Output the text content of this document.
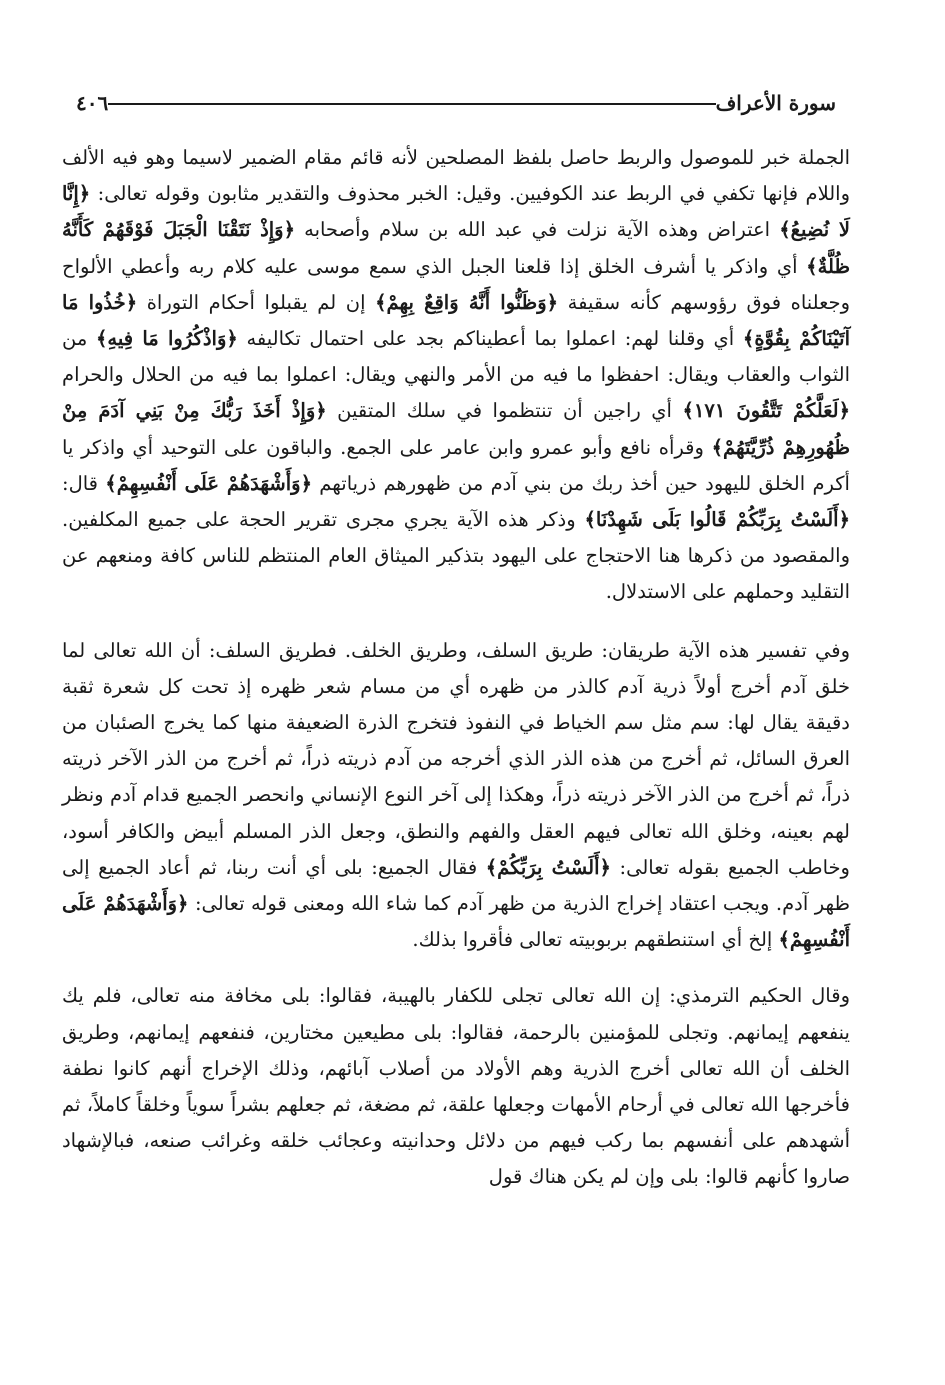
سورة الأعراف
٤٠٦

الجملة خبر للموصول والربط حاصل بلفظ المصلحين لأنه قائم مقام الضمير لاسيما وهو فيه الألف واللام فإنها تكفي في الربط عند الكوفيين. وقيل: الخبر محذوف والتقدير مثابون وقوله تعالى: ﴿إِنَّا لَا نُضِيعُ﴾ اعتراض وهذه الآية نزلت في عبد الله بن سلام وأصحابه ﴿وَإِذْ نَتَقْنَا الْجَبَلَ فَوْقَهُمْ كَأَنَّهُ ظُلَّةٌ﴾ أي واذكر يا أشرف الخلق إذا قلعنا الجبل الذي سمع موسى عليه كلام ربه وأعطي الألواح وجعلناه فوق رؤوسهم كأنه سقيفة ﴿وَظَنُّوا أَنَّهُ وَاقِعٌ بِهِمْ﴾ إن لم يقبلوا أحكام التوراة ﴿خُذُوا مَا آتَيْنَاكُمْ بِقُوَّةٍ﴾ أي وقلنا لهم: اعملوا بما أعطيناكم بجد على احتمال تكاليفه ﴿وَاذْكُرُوا مَا فِيهِ﴾ من الثواب والعقاب ويقال: احفظوا ما فيه من الأمر والنهي ويقال: اعملوا بما فيه من الحلال والحرام ﴿لَعَلَّكُمْ تَتَّقُونَ ١٧١﴾ أي راجين أن تنتظموا في سلك المتقين ﴿وَإِذْ أَخَذَ رَبُّكَ مِنْ بَنِي آدَمَ مِنْ ظُهُورِهِمْ ذُرِّيَّتَهُمْ﴾ وقرأه نافع وأبو عمرو وابن عامر على الجمع. والباقون على التوحيد أي واذكر يا أكرم الخلق لليهود حين أخذ ربك من بني آدم من ظهورهم ذرياتهم ﴿وَأَشْهَدَهُمْ عَلَى أَنْفُسِهِمْ﴾ قال: ﴿أَلَسْتُ بِرَبِّكُمْ قَالُوا بَلَى شَهِدْنَا﴾ وذكر هذه الآية يجري مجرى تقرير الحجة على جميع المكلفين. والمقصود من ذكرها هنا الاحتجاج على اليهود بتذكير الميثاق العام المنتظم للناس كافة ومنعهم عن التقليد وحملهم على الاستدلال.

وفي تفسير هذه الآية طريقان: طريق السلف، وطريق الخلف. فطريق السلف: أن الله تعالى لما خلق آدم أخرج أولاً ذرية آدم كالذر من ظهره أي من مسام شعر ظهره إذ تحت كل شعرة ثقبة دقيقة يقال لها: سم مثل سم الخياط في النفوذ فتخرج الذرة الضعيفة منها كما يخرج الصئبان من العرق السائل، ثم أخرج من هذه الذر الذي أخرجه من آدم ذريته ذراً، ثم أخرج من الذر الآخر ذريته ذراً، ثم أخرج من الذر الآخر ذريته ذراً، وهكذا إلى آخر النوع الإنساني وانحصر الجميع قدام آدم ونظر لهم بعينه، وخلق الله تعالى فيهم العقل والفهم والنطق، وجعل الذر المسلم أبيض والكافر أسود، وخاطب الجميع بقوله تعالى: ﴿أَلَسْتُ بِرَبِّكُمْ﴾ فقال الجميع: بلى أي أنت ربنا، ثم أعاد الجميع إلى ظهر آدم. ويجب اعتقاد إخراج الذرية من ظهر آدم كما شاء الله ومعنى قوله تعالى: ﴿وَأَشْهَدَهُمْ عَلَى أَنْفُسِهِمْ﴾ إلخ أي استنطقهم بربوبيته تعالى فأقروا بذلك.

وقال الحكيم الترمذي: إن الله تعالى تجلى للكفار بالهيبة، فقالوا: بلى مخافة منه تعالى، فلم يك ينفعهم إيمانهم. وتجلى للمؤمنين بالرحمة، فقالوا: بلى مطيعين مختارين، فنفعهم إيمانهم، وطريق الخلف أن الله تعالى أخرج الذرية وهم الأولاد من أصلاب آبائهم، وذلك الإخراج أنهم كانوا نطفة فأخرجها الله تعالى في أرحام الأمهات وجعلها علقة، ثم مضغة، ثم جعلهم بشراً سوياً وخلقاً كاملاً، ثم أشهدهم على أنفسهم بما ركب فيهم من دلائل وحدانيته وعجائب خلقه وغرائب صنعه، فبالإشهاد صاروا كأنهم قالوا: بلى وإن لم يكن هناك قول
